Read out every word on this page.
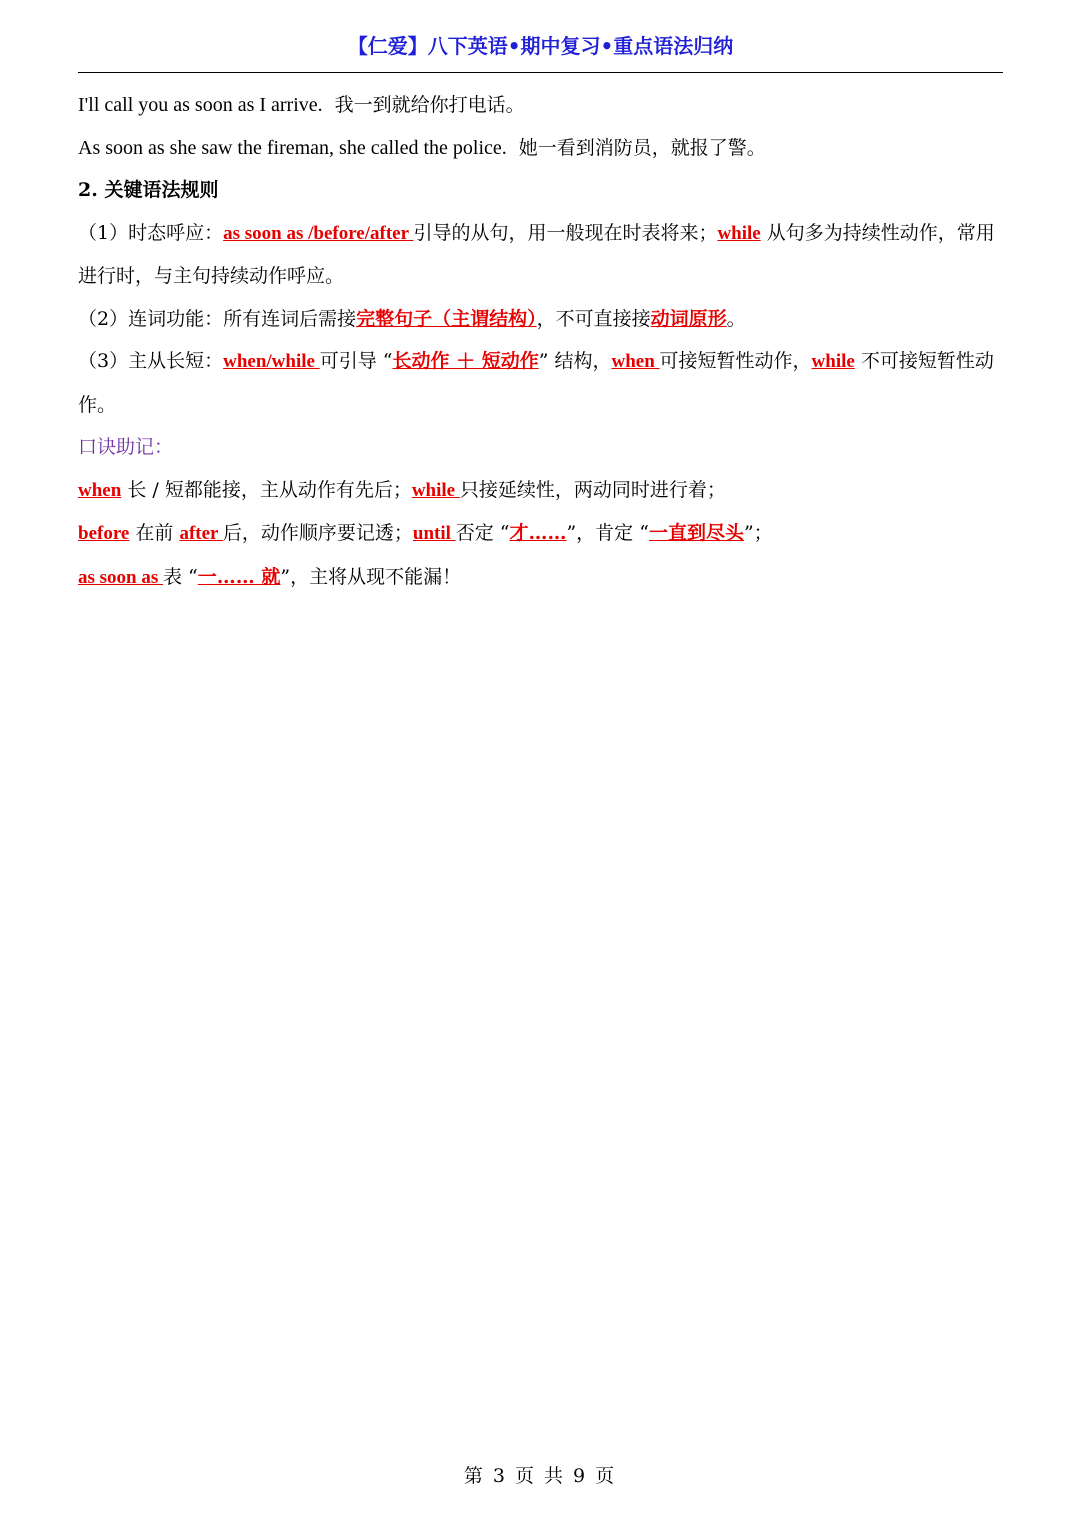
【仁爱】八下英语•期中复习•重点语法归纳
I'll call you as soon as I arrive. 我一到就给你打电话。
As soon as she saw the fireman, she called the police. 她一看到消防员，就报了警。
2. 关键语法规则
（1）时态呼应：as soon as /before/after 引导的从句，用一般现在时表将来；while 从句多为持续性动作，常用进行时，与主句持续动作呼应。
（2）连词功能：所有连词后需接完整句子（主谓结构），不可直接接动词原形。
（3）主从长短：when/while 可引导 “长动作 ＋ 短动作” 结构，when 可接短暂性动作，while 不可接短暂性动作。
口诀助记：
when 长 / 短都能接，主从动作有先后；while 只接延续性，两动同时进行着；
before 在前 after 后，动作顺序要记透；until 否定 “才……”，肯定 “一直到尽头”；
as soon as 表 “一…… 就”，主将从现不能漏！
第 3 页 共 9 页
